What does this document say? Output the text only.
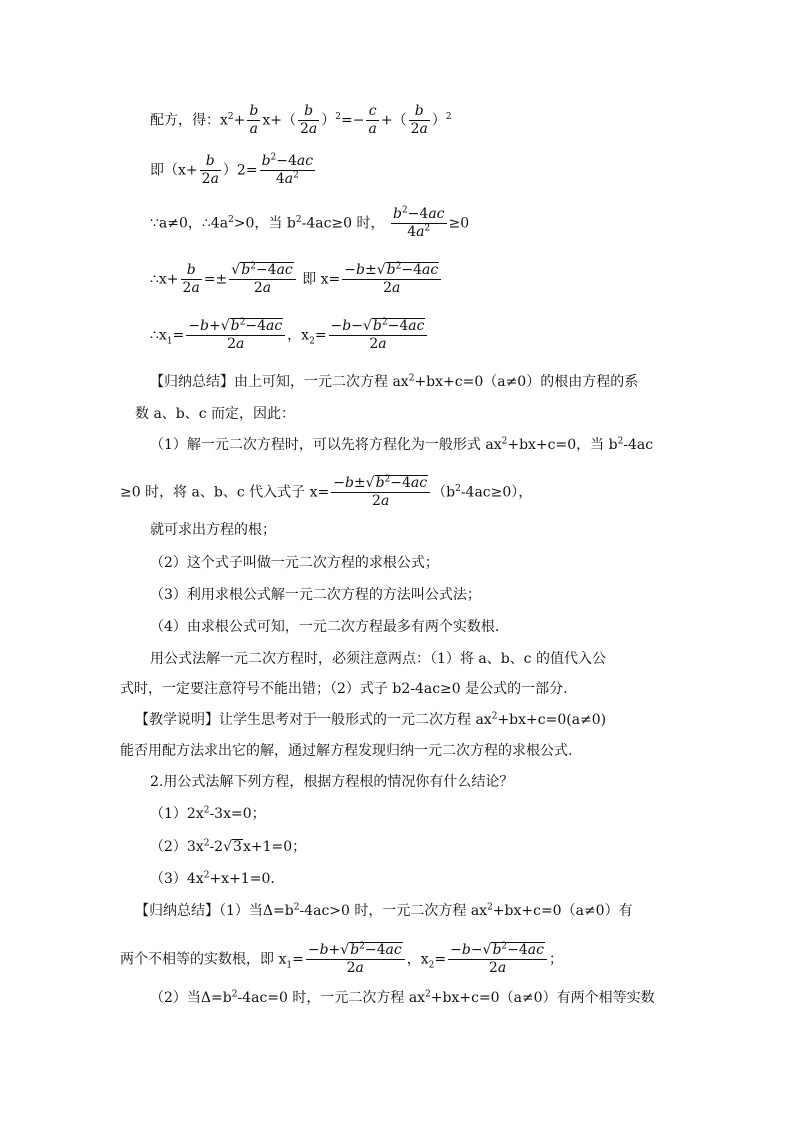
配方，得：$x^2+ \frac{b}{a} x+( \frac{b}{2a} )^2=- \frac{c}{a}$ +（ $\frac{b}{2a} )^2$
即$(x+ \frac{b}{2a} )2= \frac{b^2-4ac}{4a^2}$
∵a≠0，$\therefore 4a^2>0$，当 $b^2-4ac\ge 0$ 时， $\frac{b^2-4ac}{4a^2} \ge 0$
∴x+ $\frac{b}{2a} =\pm \frac{√b^2-4ac}{2a}$ 即 $x= \frac{-b\pm√b^2-4ac}{2a}$
$\therefore x_1= \frac{-b+√b^2-4ac}{2a}$ ，$x_2= \frac{-b-√b^2-4ac}{2a}$
【归纳总结】由上可知，一元二次方程 $ax^2+bx+c=0(a\ne 0)$的根由方程的系
数 a、b、c 而定，因此：
（1）解一元二次方程时，可以先将方程化为一般形式 $ax^2+bx+c=0$，当 $b^2-4ac$
≥0 时，将 a、b、c 代入式子 $x= \frac{-b\pm√b^2-4ac}{2a} (b^2-4ac\ge 0)$，
就可求出方程的根；
（2）这个式子叫做一元二次方程的求根公式；
（3）利用求根公式解一元二次方程的方法叫公式法；
（4）由求根公式可知，一元二次方程最多有两个实数根.
用公式法解一元二次方程时，必须注意两点：（1）将 a、b、c 的值代入公
式时，一定要注意符号不能出错；（2）式子 b2-4ac≥0 是公式的一部分.
【教学说明】让学生思考对于一般形式的一元二次方程 $ax^2+bx+c=0(a\ne 0)$
能否用配方法求出它的解，通过解方程发现归纳一元二次方程的求根公式.
2.用公式法解下列方程，根据方程根的情况你有什么结论？
$(1)2x^2-3x=0$；
$(2)3x^2-2√3x+1=0$；
$(3)4x^2+x+1=0$.
【归纳总结】（1）当$\Delta=b^2-4ac>0$ 时，一元二次方程 $ax^2+bx+c=0(a\ne 0)$有
两个不相等的实数根，即 $x_1= \frac{-b+√b^2-4ac}{2a}$ ，$x_2= \frac{-b-√b^2-4ac}{2a}$ ；
（2）当$\Delta=b^2-4ac=0$ 时，一元二次方程 $ax^2+bx+c=0(a\ne 0)$有两个相等实数
